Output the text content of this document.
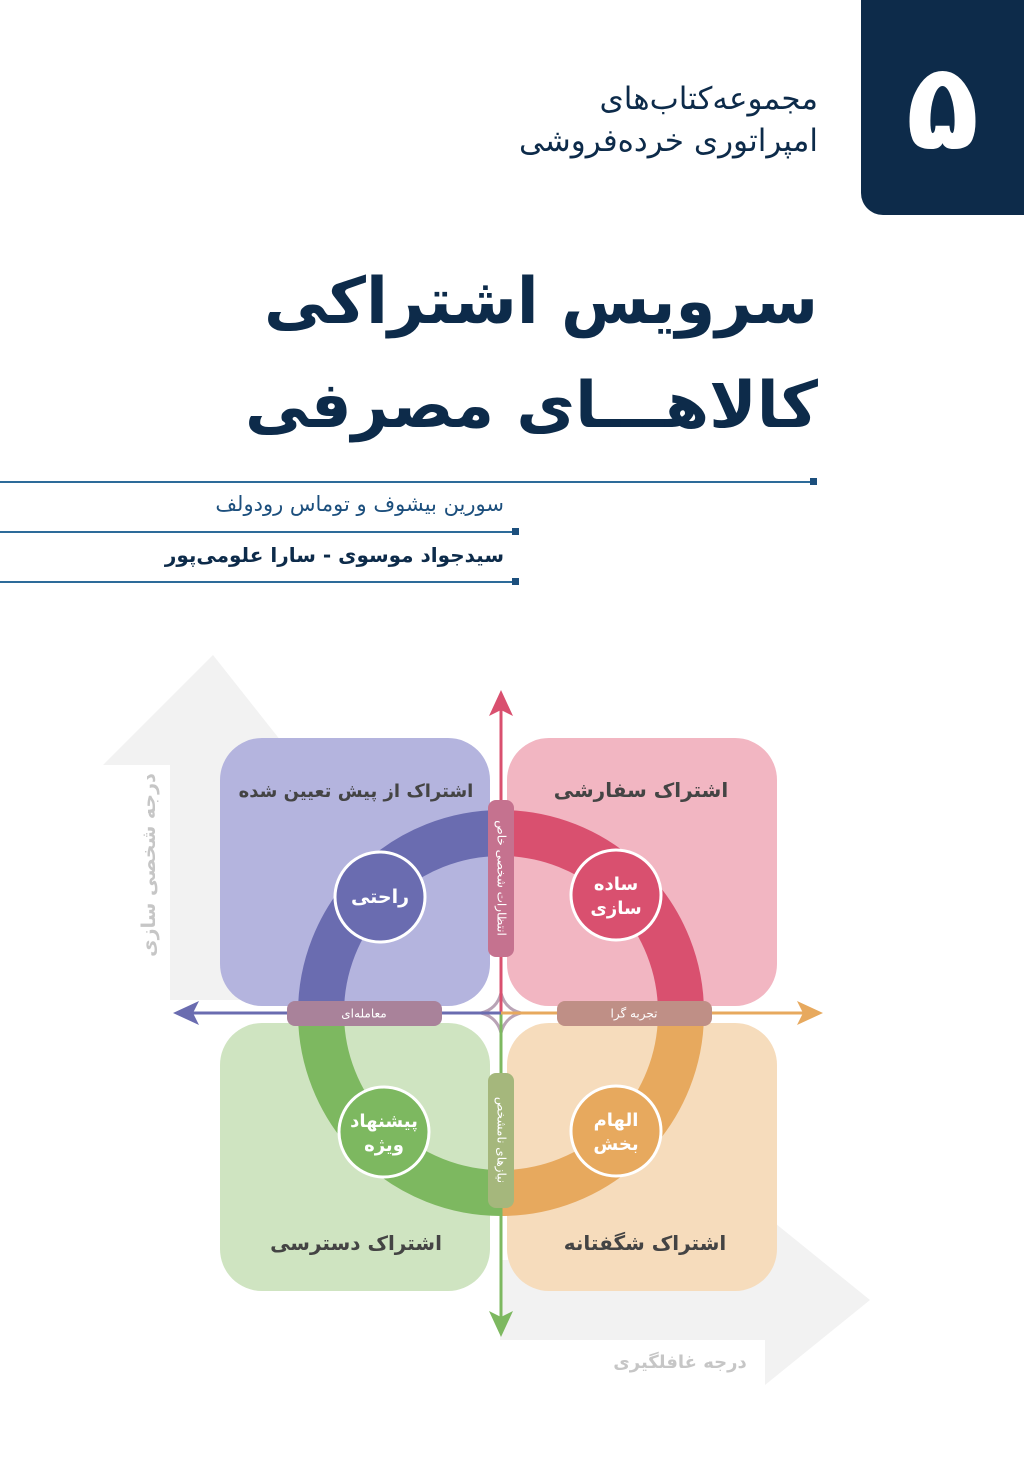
۵
مجموعه‌کتاب‌های
امپراتوری خرده‌فروشی
سرویس اشتراکی
کالاهـــای مصرفی
سورین بیشوف و توماس رودولف
سیدجواد موسوی - سارا علومی‌پور
درجه شخصی سازی
درجه غافلگیری
اشتراک از پیش تعیین شده	اشتراک سفارشی
اشتراک دسترسی	اشتراک شگفتانه
انتظارات شخصی خاص
نیازهای نامشخص
معامله‌ای	تجربه گرا
راحتی
ساده
سازی
پیشنهاد
ویژه
الهام
بخش
